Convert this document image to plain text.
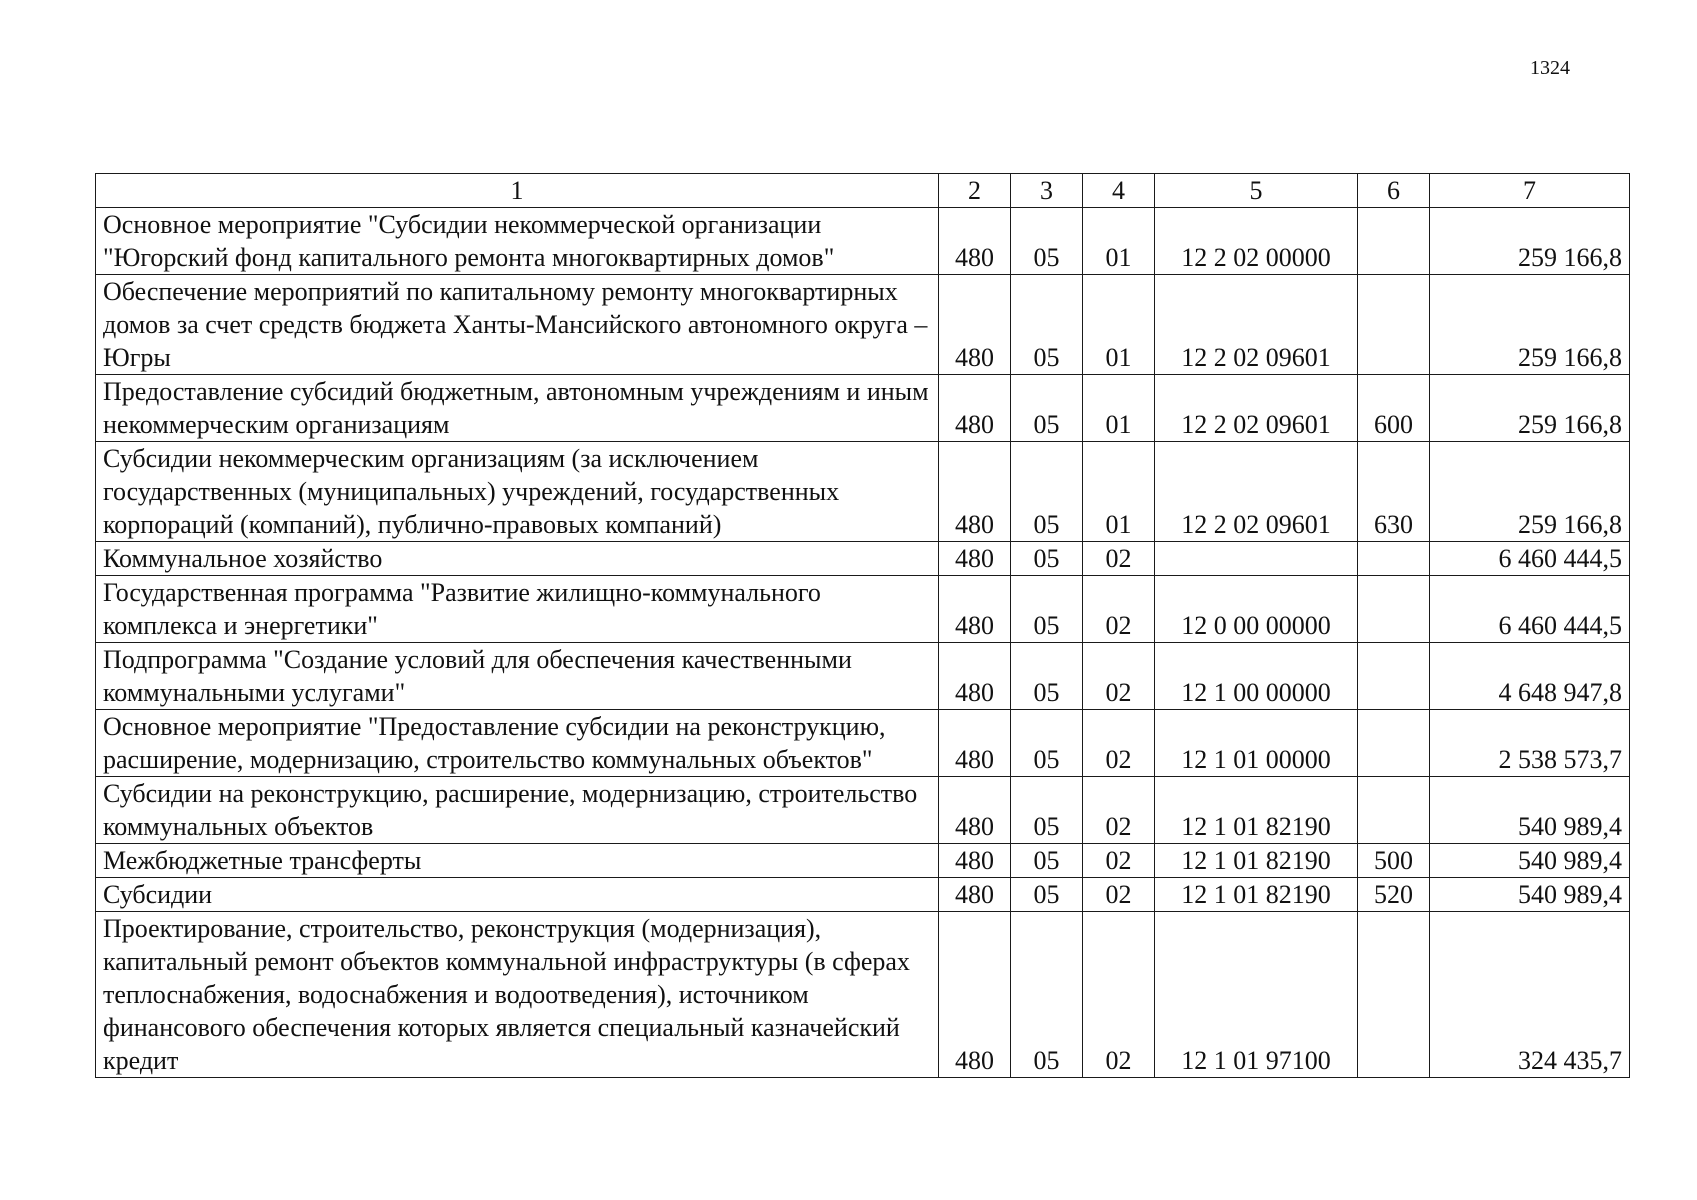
1324
1	2	3	4	5	6	7
Основное мероприятие "Субсидии некоммерческой организации "Югорский фонд капитального ремонта многоквартирных домов"	480	05	01	12 2 02 00000		259 166,8
Обеспечение мероприятий по капитальному ремонту многоквартирных домов за счет средств бюджета Ханты-Мансийского автономного округа – Югры	480	05	01	12 2 02 09601		259 166,8
Предоставление субсидий бюджетным, автономным учреждениям и иным некоммерческим организациям	480	05	01	12 2 02 09601	600	259 166,8
Субсидии некоммерческим организациям (за исключением государственных (муниципальных) учреждений, государственных корпораций (компаний), публично-правовых компаний)	480	05	01	12 2 02 09601	630	259 166,8
Коммунальное хозяйство	480	05	02			6 460 444,5
Государственная программа "Развитие жилищно-коммунального комплекса и энергетики"	480	05	02	12 0 00 00000		6 460 444,5
Подпрограмма "Создание условий для обеспечения качественными коммунальными услугами"	480	05	02	12 1 00 00000		4 648 947,8
Основное мероприятие "Предоставление субсидии на реконструкцию, расширение, модернизацию, строительство коммунальных объектов"	480	05	02	12 1 01 00000		2 538 573,7
Субсидии на реконструкцию, расширение, модернизацию, строительство коммунальных объектов	480	05	02	12 1 01 82190		540 989,4
Межбюджетные трансферты	480	05	02	12 1 01 82190	500	540 989,4
Субсидии	480	05	02	12 1 01 82190	520	540 989,4
Проектирование, строительство, реконструкция (модернизация), капитальный ремонт объектов коммунальной инфраструктуры (в сферах теплоснабжения, водоснабжения и водоотведения), источником финансового обеспечения которых является специальный казначейский кредит	480	05	02	12 1 01 97100		324 435,7
